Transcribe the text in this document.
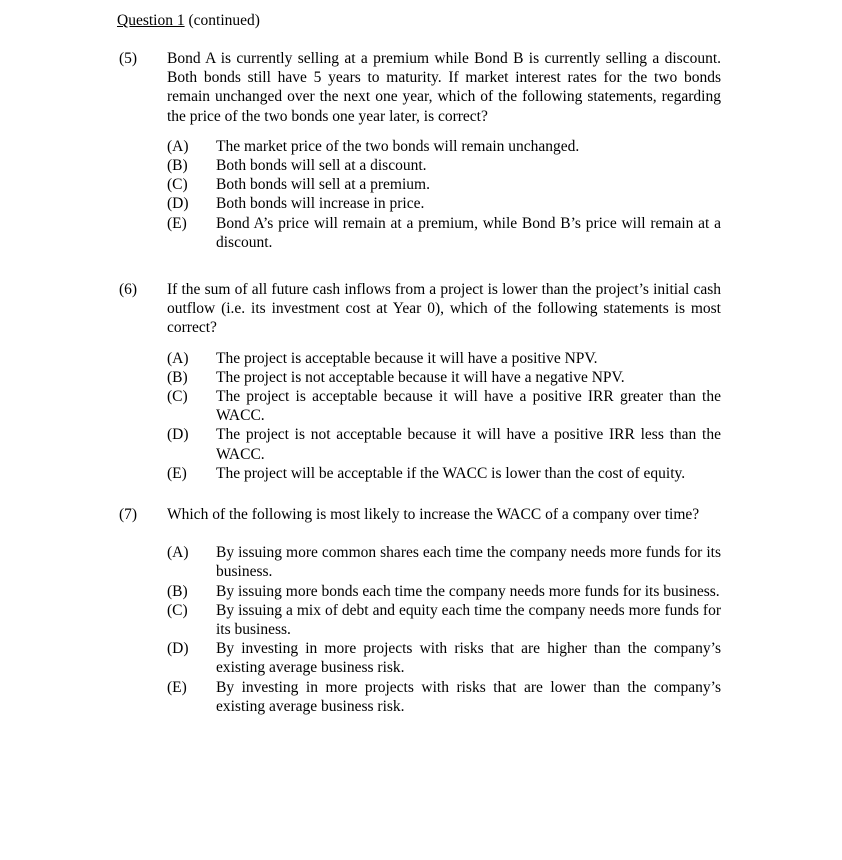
Question 1 (continued)
(5) Bond A is currently selling at a premium while Bond B is currently selling a discount. Both bonds still have 5 years to maturity. If market interest rates for the two bonds remain unchanged over the next one year, which of the following statements, regarding the price of the two bonds one year later, is correct?
(A) The market price of the two bonds will remain unchanged.
(B) Both bonds will sell at a discount.
(C) Both bonds will sell at a premium.
(D) Both bonds will increase in price.
(E) Bond A’s price will remain at a premium, while Bond B’s price will remain at a discount.
(6) If the sum of all future cash inflows from a project is lower than the project’s initial cash outflow (i.e. its investment cost at Year 0), which of the following statements is most correct?
(A) The project is acceptable because it will have a positive NPV.
(B) The project is not acceptable because it will have a negative NPV.
(C) The project is acceptable because it will have a positive IRR greater than the WACC.
(D) The project is not acceptable because it will have a positive IRR less than the WACC.
(E) The project will be acceptable if the WACC is lower than the cost of equity.
(7) Which of the following is most likely to increase the WACC of a company over time?
(A) By issuing more common shares each time the company needs more funds for its business.
(B) By issuing more bonds each time the company needs more funds for its business.
(C) By issuing a mix of debt and equity each time the company needs more funds for its business.
(D) By investing in more projects with risks that are higher than the company’s existing average business risk.
(E) By investing in more projects with risks that are lower than the company’s existing average business risk.
